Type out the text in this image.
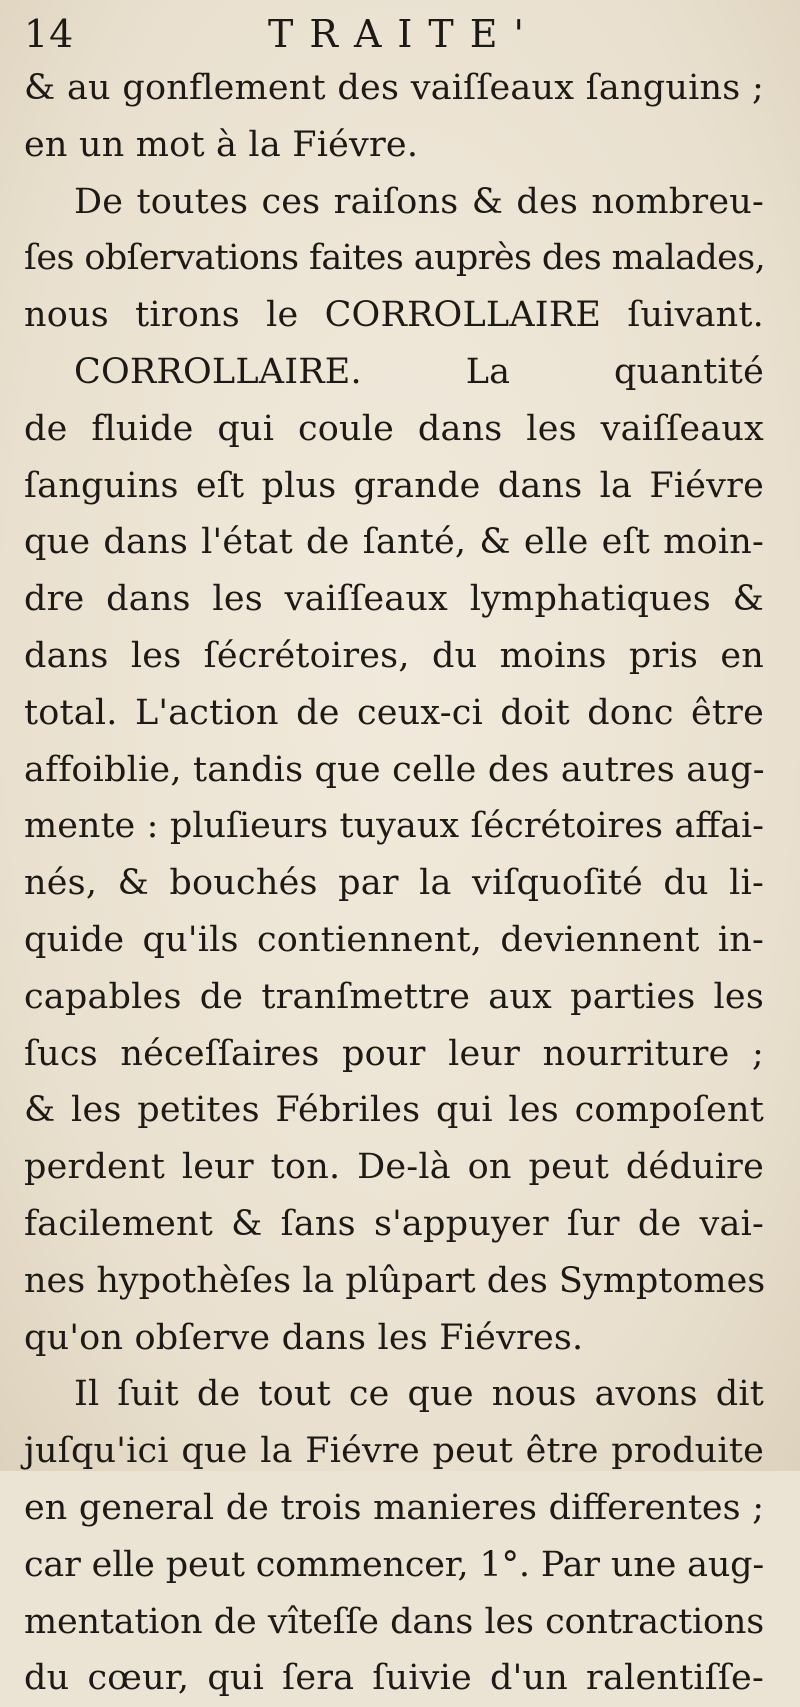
14	TRAITE'
& au gonflement des vaiſſeaux ſanguins ;
en un mot à la Fiévre.
De toutes ces raiſons & des nombreu-
ſes obſervations faites auprès des malades,
nous tirons le CORROLLAIRE ſuivant.
CORROLLAIRE. La quantité
de fluide qui coule dans les vaiſſeaux
ſanguins eſt plus grande dans la Fiévre
que dans l'état de ſanté, & elle eſt moin-
dre dans les vaiſſeaux lymphatiques &
dans les ſécrétoires, du moins pris en
total. L'action de ceux-ci doit donc être
affoiblie, tandis que celle des autres aug-
mente : pluſieurs tuyaux ſécrétoires affai-
nés, & bouchés par la viſquoſité du li-
quide qu'ils contiennent, deviennent in-
capables de tranſmettre aux parties les
ſucs néceſſaires pour leur nourriture ;
& les petites Fébriles qui les compoſent
perdent leur ton. De-là on peut déduire
facilement & ſans s'appuyer ſur de vai-
nes hypothèſes la plûpart des Symptomes
qu'on obſerve dans les Fiévres.
Il ſuit de tout ce que nous avons dit
juſqu'ici que la Fiévre peut être produite
en general de trois manieres differentes ;
car elle peut commencer, 1°. Par une aug-
mentation de vîteſſe dans les contractions
du cœur, qui ſera ſuivie d'un ralentiſſe-
